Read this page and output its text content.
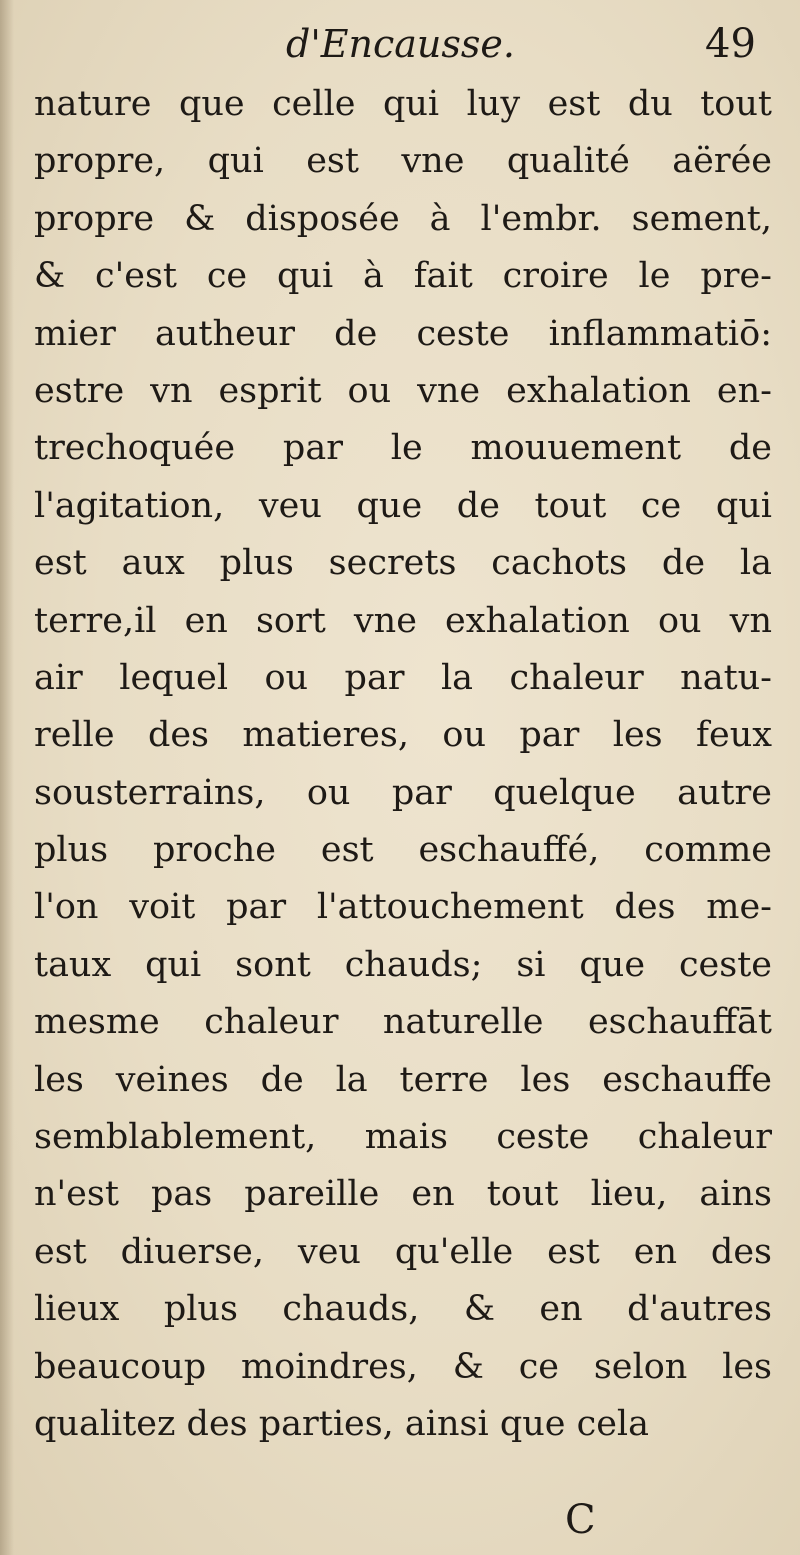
d'Encausse.	49
nature que celle qui luy est du tout
propre, qui est vne qualité aërée
propre & disposée à l'embr. sement,
& c'est ce qui à fait croire le pre-
mier autheur de ceste inflammatiō:
estre vn esprit ou vne exhalation en-
trechoquée par le mouuement de
l'agitation, veu que de tout ce qui
est aux plus secrets cachots de la
terre,il en sort vne exhalation ou vn
air lequel ou par la chaleur natu-
relle des matieres, ou par les feux
sousterrains, ou par quelque autre
plus proche est eschauffé, comme
l'on voit par l'attouchement des me-
taux qui sont chauds; si que ceste
mesme chaleur naturelle eschauffāt
les veines de la terre les eschauffe
semblablement, mais ceste chaleur
n'est pas pareille en tout lieu, ains
est diuerse, veu qu'elle est en des
lieux plus chauds, & en d'autres
beaucoup moindres, & ce selon les
qualitez des parties, ainsi que cela
C
